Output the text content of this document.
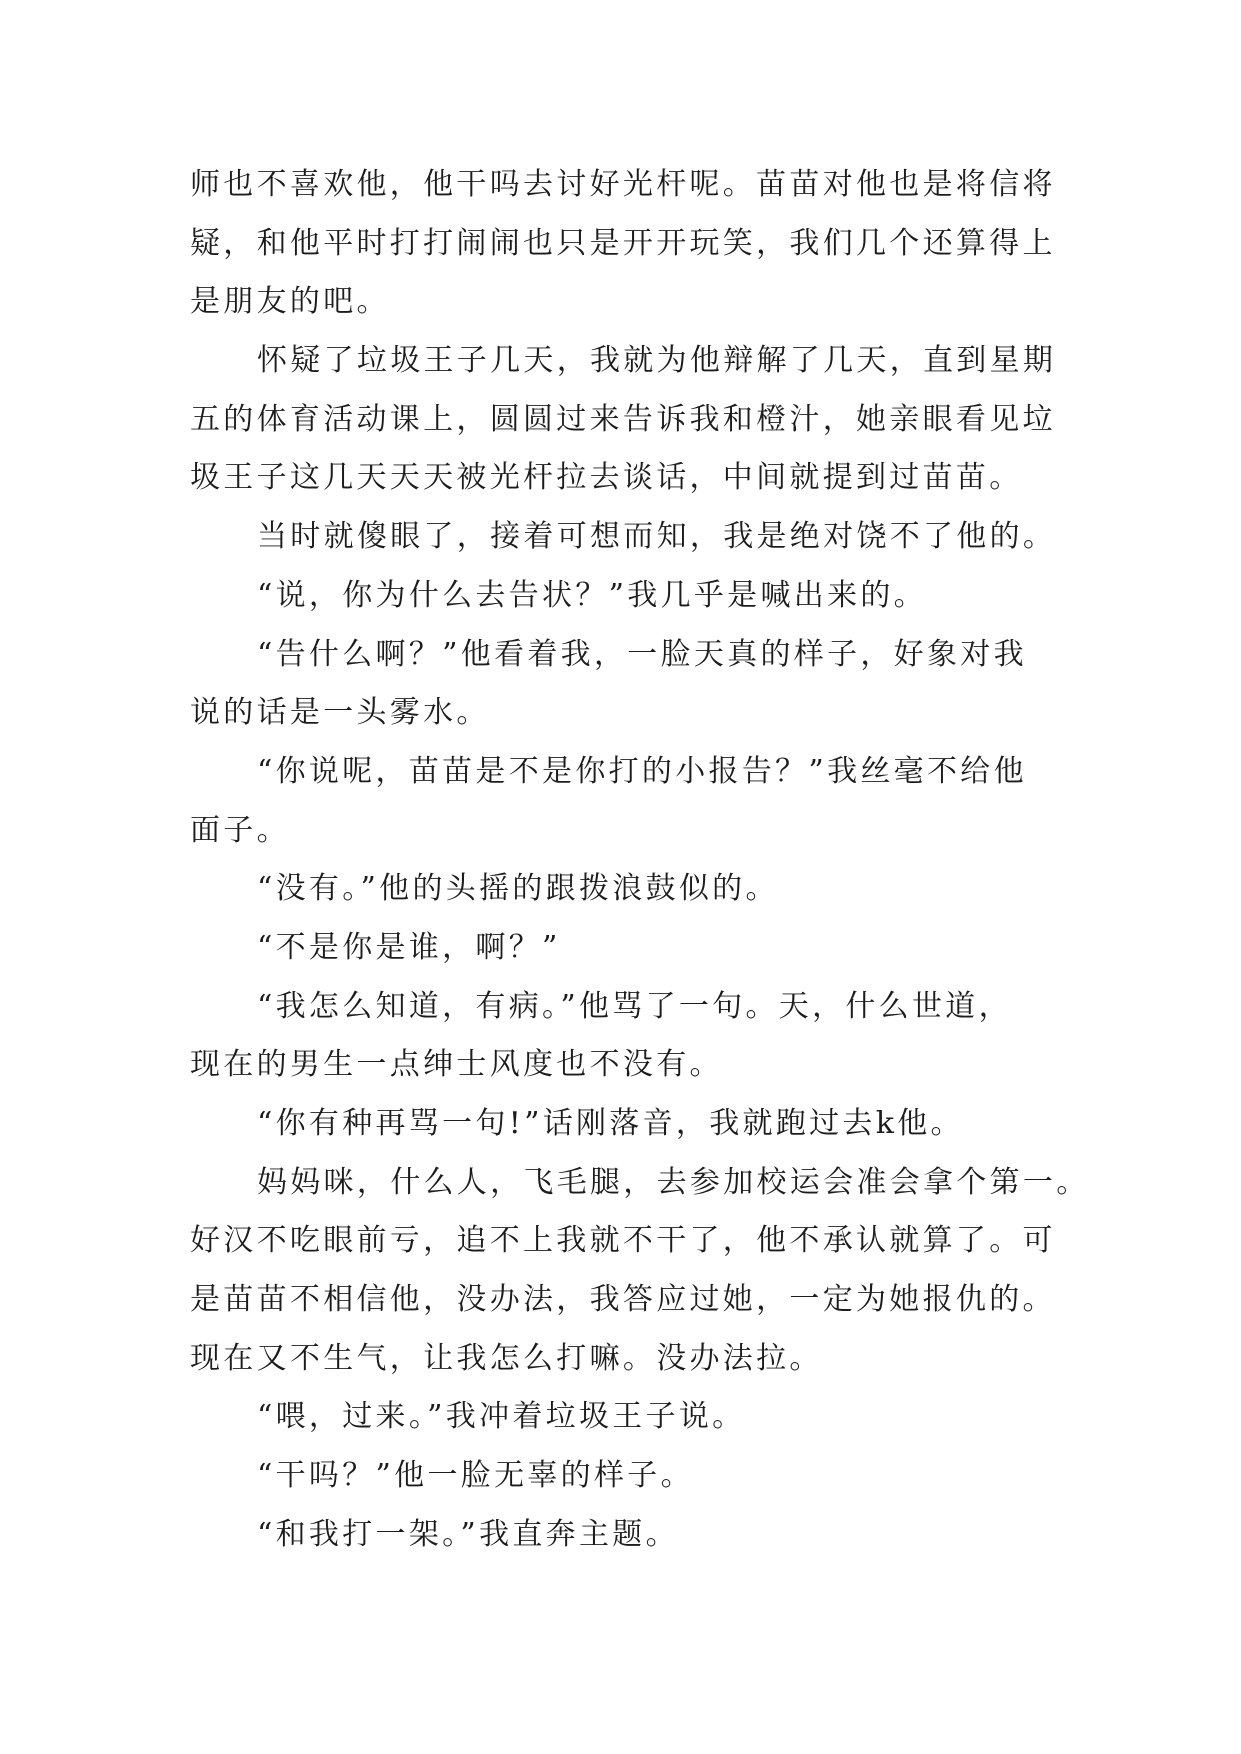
师也不喜欢他，他干吗去讨好光杆呢。苗苗对他也是将信将
疑，和他平时打打闹闹也只是开开玩笑，我们几个还算得上
是朋友的吧。
怀疑了垃圾王子几天，我就为他辩解了几天，直到星期
五的体育活动课上，圆圆过来告诉我和橙汁，她亲眼看见垃
圾王子这几天天天被光杆拉去谈话，中间就提到过苗苗。
当时就傻眼了，接着可想而知，我是绝对饶不了他的。
“说，你为什么去告状？”我几乎是喊出来的。
“告什么啊？”他看着我，一脸天真的样子，好象对我
说的话是一头雾水。
“你说呢，苗苗是不是你打的小报告？”我丝毫不给他
面子。
“没有。”他的头摇的跟拨浪鼓似的。
“不是你是谁，啊？”
“我怎么知道，有病。”他骂了一句。天，什么世道，
现在的男生一点绅士风度也不没有。
“你有种再骂一句!”话刚落音，我就跑过去k他。
妈妈咪，什么人，飞毛腿，去参加校运会准会拿个第一。
好汉不吃眼前亏，追不上我就不干了，他不承认就算了。可
是苗苗不相信他，没办法，我答应过她，一定为她报仇的。
现在又不生气，让我怎么打嘛。没办法拉。
“喂，过来。”我冲着垃圾王子说。
“干吗？”他一脸无辜的样子。
“和我打一架。”我直奔主题。
